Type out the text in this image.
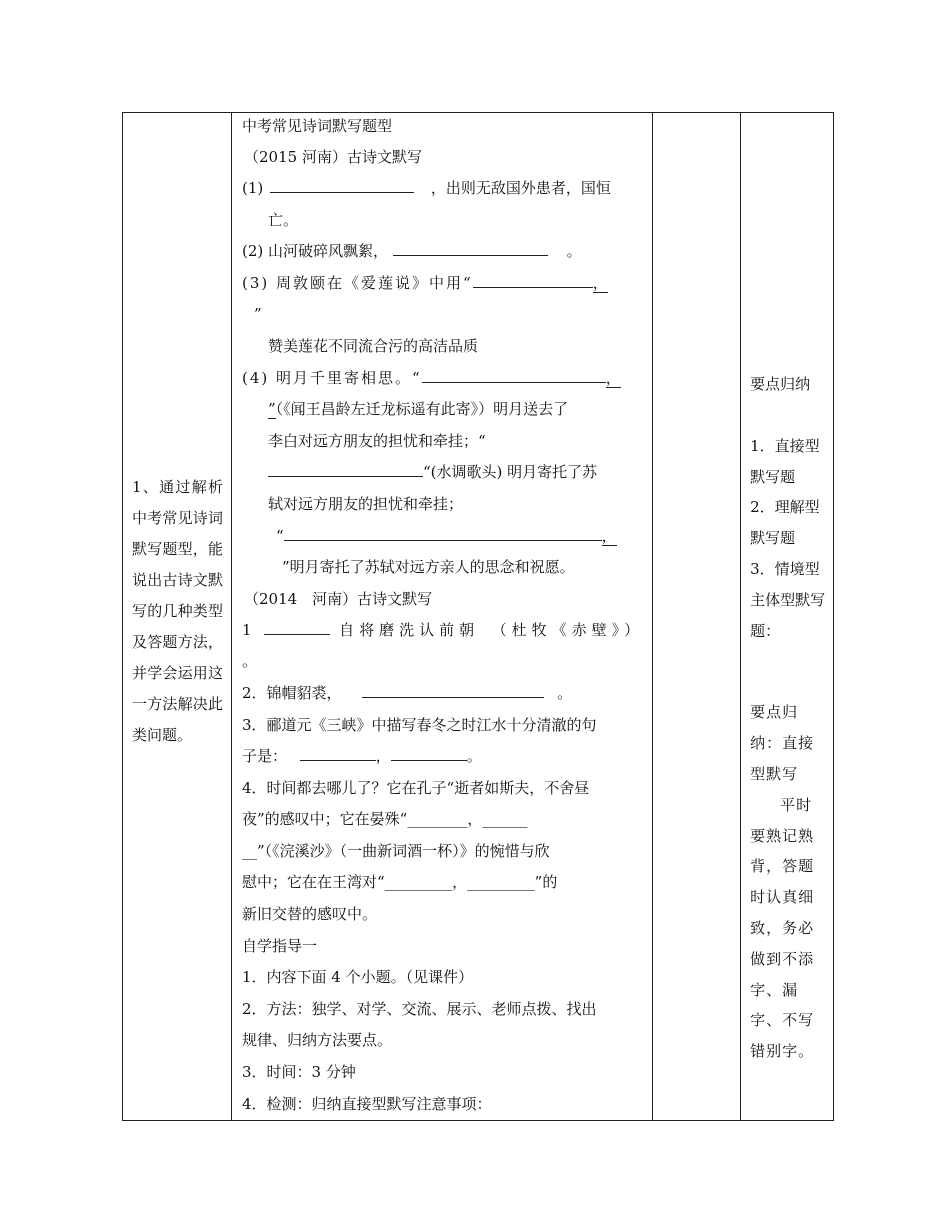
1、通过解析中考常见诗词默写题型，能说出古诗文默写的几种类型及答题方法，并学会运用这一方法解决此类问题。

中考常见诗词默写题型
（2015 河南）古诗文默写
(1)	，出则无敌国外患者，国恒
亡。
(2) 山河破碎风飘絮，	。
(3) 周敦颐在《爱莲说》中用“	，
”
赞美莲花不同流合污的高洁品质
(4) 明月千里寄相思。“	，
”（《闻王昌龄左迁龙标遥有此寄》）明月送去了
李白对远方朋友的担忧和牵挂；“
“(水调歌头) 明月寄托了苏
轼对远方朋友的担忧和牵挂；
“	，
”明月寄托了苏轼对远方亲人的思念和祝愿。
（2014　河南）古诗文默写
1	自将磨洗认前朝　（杜牧《赤壁》）
。
2．锦帽貂裘，	。
3．郦道元《三峡》中描写春冬之时江水十分清澈的句
子是：	，	。
4．时间都去哪儿了？它在孔子“逝者如斯夫，不舍昼
夜”的感叹中；它在晏殊“________，______
__”（《浣溪沙》（一曲新词酒一杯）》的惋惜与欣
慰中；它在在王湾对“_________，_________”的
新旧交替的感叹中。
自学指导一
1．内容下面 4 个小题。（见课件）
2．方法：独学、对学、交流、展示、老师点拨、找出
规律、归纳方法要点。
3．时间：3 分钟
4．检测：归纳直接型默写注意事项：

要点归纳
1．直接型默写题
2．理解型默写题
3．情境型主体型默写题：
要点归纳：直接型默写
平时要熟记熟背，答题时认真细致，务必做到不添字、漏字、不写错别字。
